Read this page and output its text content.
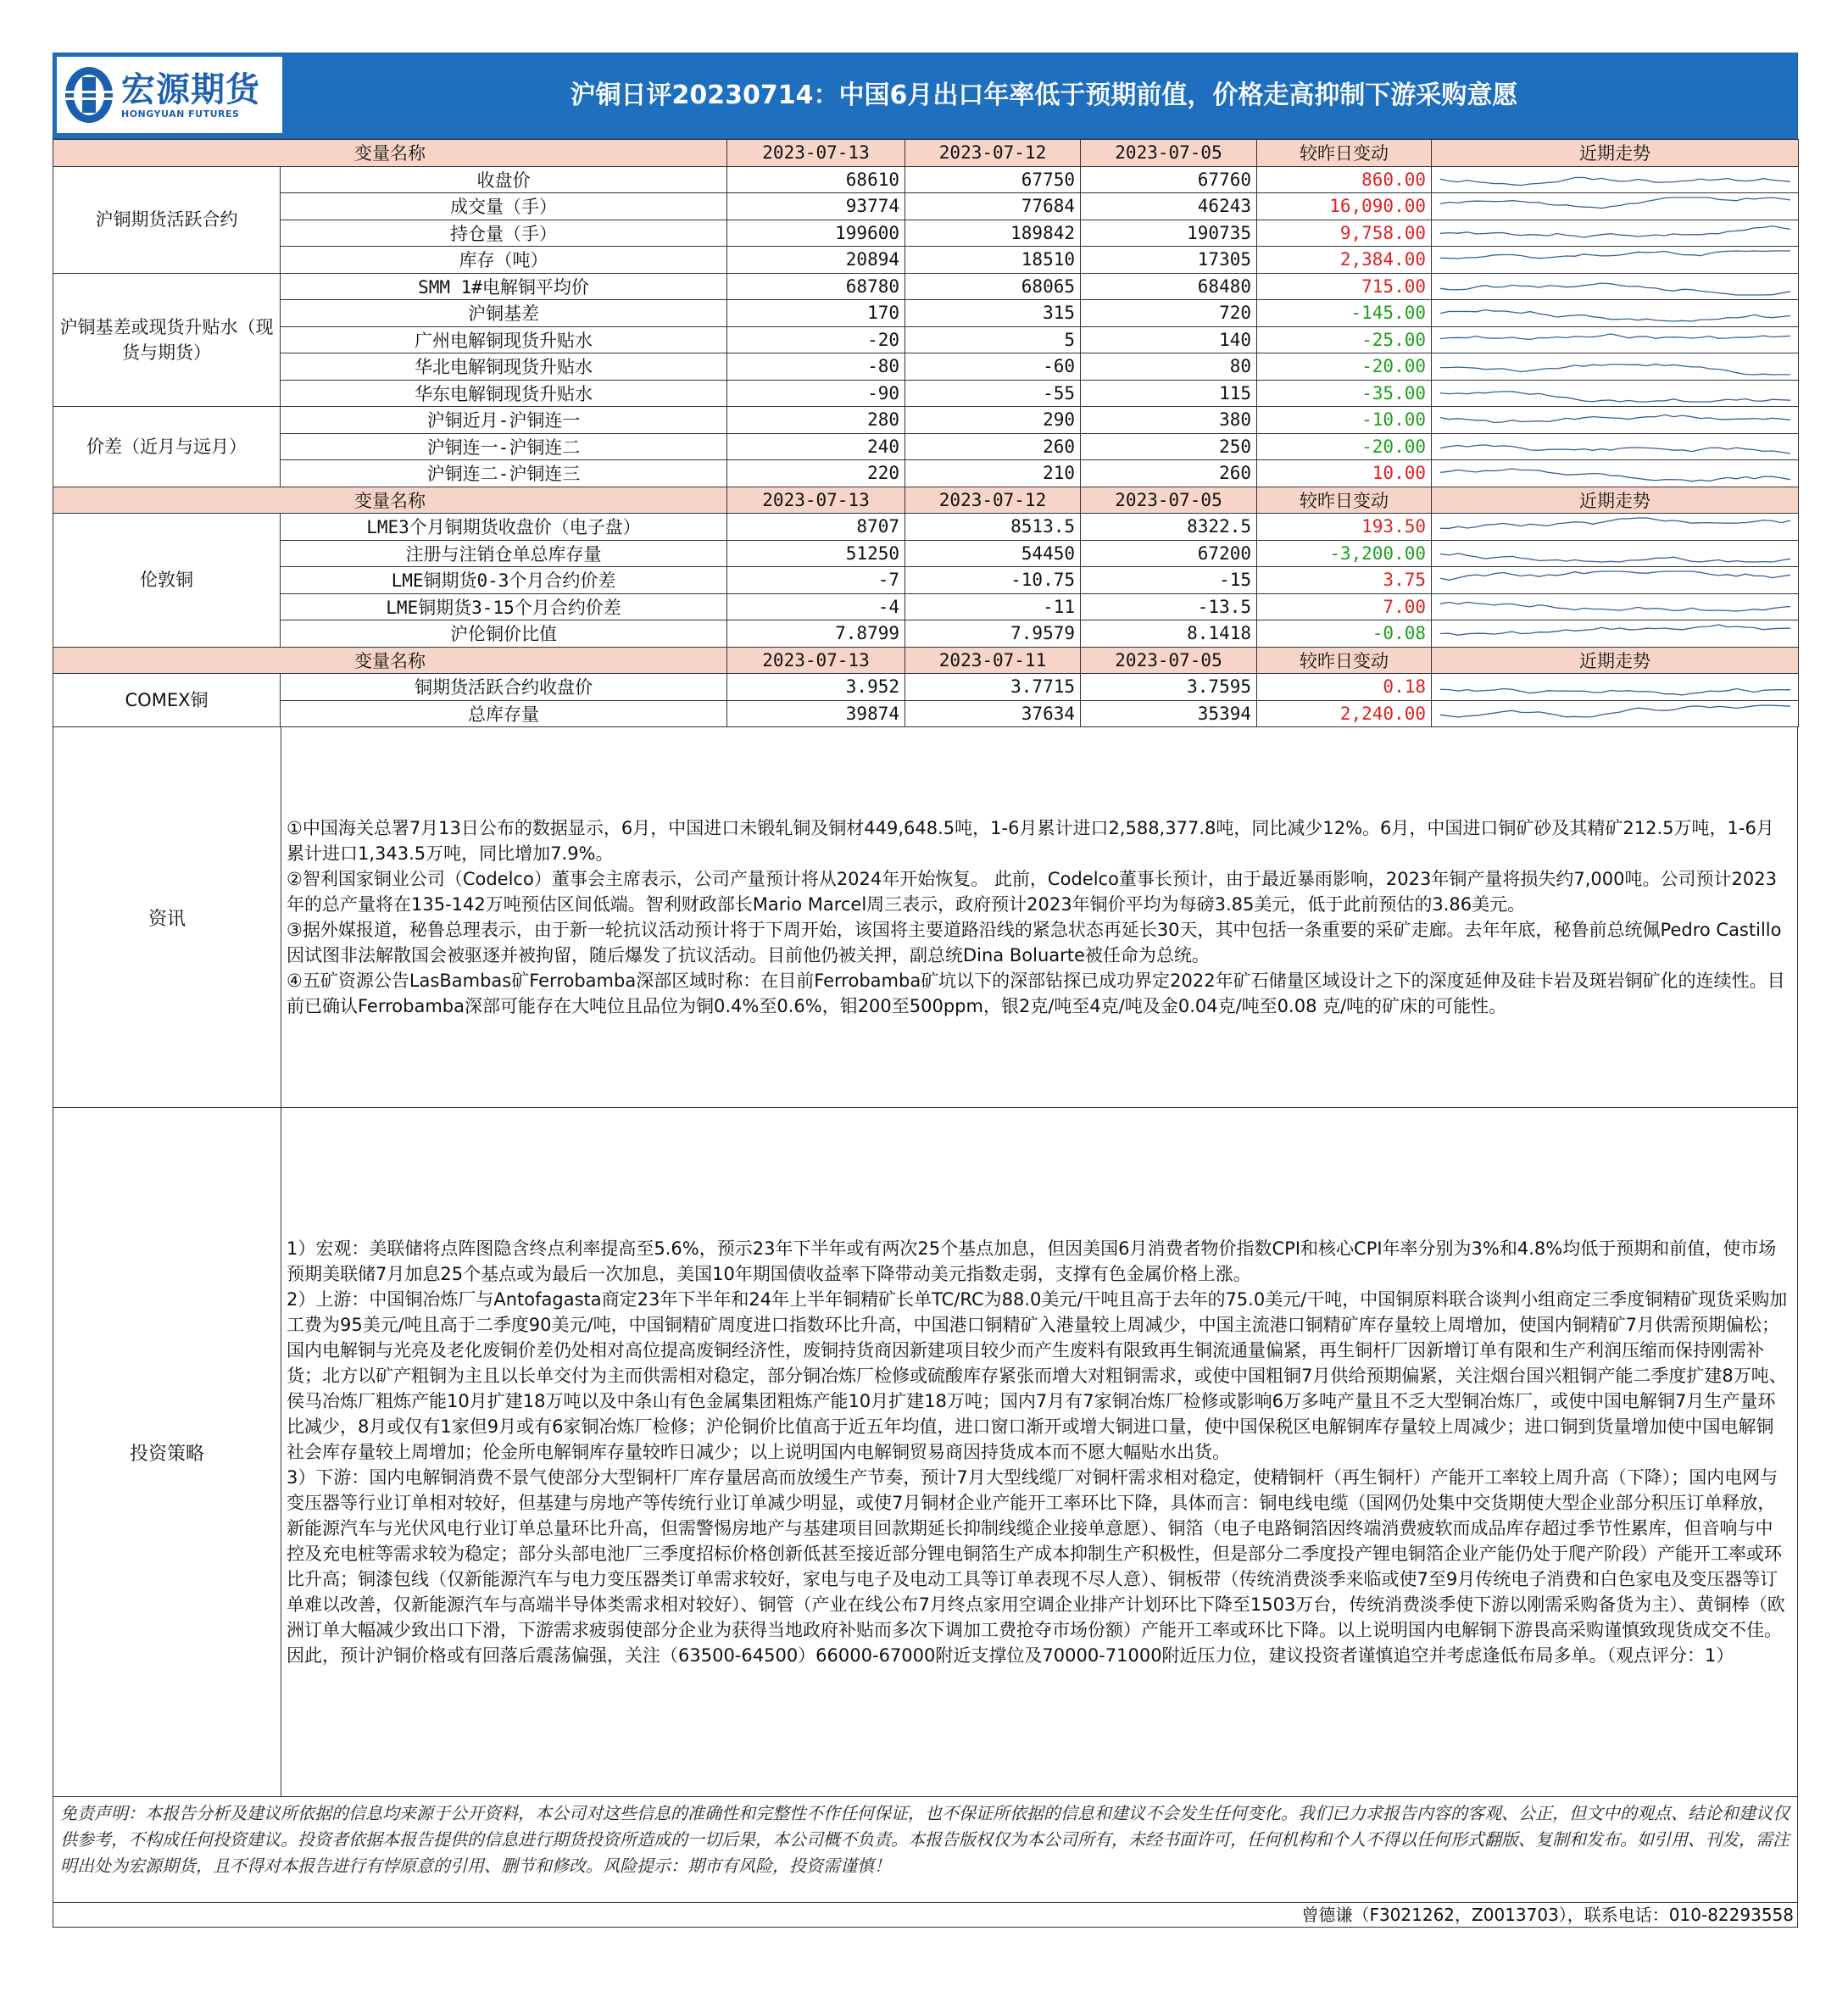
宏源期货
HONGYUAN FUTURES
沪铜日评20230714：中国6月出口年率低于预期前值，价格走高抑制下游采购意愿
变量名称		2023-07-13	2023-07-12	2023-07-05	较昨日变动	近期走势
沪铜期货活跃合约	收盘价	68610	67750	67760	860.00	

	成交量（手）	93774	77684	46243	16,090.00	

	持仓量（手）	199600	189842	190735	9,758.00	

	库存（吨）	20894	18510	17305	2,384.00	

沪铜基差或现货升贴水（现货与期货）	SMM 1#电解铜平均价	68780	68065	68480	715.00	

	沪铜基差	170	315	720	-145.00	

	广州电解铜现货升贴水	-20	5	140	-25.00	

	华北电解铜现货升贴水	-80	-60	80	-20.00	

	华东电解铜现货升贴水	-90	-55	115	-35.00	

价差（近月与远月）	沪铜近月-沪铜连一	280	290	380	-10.00	

	沪铜连一-沪铜连二	240	260	250	-20.00	

	沪铜连二-沪铜连三	220	210	260	10.00	

变量名称		2023-07-13	2023-07-12	2023-07-05	较昨日变动	近期走势
伦敦铜	LME3个月铜期货收盘价（电子盘）	8707	8513.5	8322.5	193.50	

	注册与注销仓单总库存量	51250	54450	67200	-3,200.00	

	LME铜期货0-3个月合约价差	-7	-10.75	-15	3.75	

	LME铜期货3-15个月合约价差	-4	-11	-13.5	7.00	

	沪伦铜价比值	7.8799	7.9579	8.1418	-0.08	

变量名称		2023-07-13	2023-07-11	2023-07-05	较昨日变动	近期走势
COMEX铜	铜期货活跃合约收盘价	3.952	3.7715	3.7595	0.18	

	总库存量	39874	37634	35394	2,240.00	
资讯

①中国海关总署7月13日公布的数据显示，6月，中国进口未锻轧铜及铜材449,648.5吨，1-6月累计进口2,588,377.8吨，同比减少12%。6月，中国进口铜矿砂及其精矿212.5万吨，1-6月累计进口1,343.5万吨，同比增加7.9%。

②智利国家铜业公司（Codelco）董事会主席表示，公司产量预计将从2024年开始恢复。 此前，Codelco董事长预计，由于最近暴雨影响，2023年铜产量将损失约7,000吨。公司预计2023年的总产量将在135-142万吨预估区间低端。智利财政部长Mario Marcel周三表示，政府预计2023年铜价平均为每磅3.85美元，低于此前预估的3.86美元。

③据外媒报道，秘鲁总理表示，由于新一轮抗议活动预计将于下周开始，该国将主要道路沿线的紧急状态再延长30天，其中包括一条重要的采矿走廊。去年年底，秘鲁前总统佩Pedro Castillo因试图非法解散国会被驱逐并被拘留，随后爆发了抗议活动。目前他仍被关押，副总统Dina Boluarte被任命为总统。

④五矿资源公告LasBambas矿Ferrobamba深部区域时称：在目前Ferrobamba矿坑以下的深部钻探已成功界定2022年矿石储量区域设计之下的深度延伸及硅卡岩及斑岩铜矿化的连续性。目前已确认Ferrobamba深部可能存在大吨位且品位为铜0.4%至0.6%，钼200至500ppm，银2克/吨至4克/吨及金0.04克/吨至0.08 克/吨的矿床的可能性。

投资策略

1）宏观：美联储将点阵图隐含终点利率提高至5.6%，预示23年下半年或有两次25个基点加息，但因美国6月消费者物价指数CPI和核心CPI年率分别为3%和4.8%均低于预期和前值，使市场预期美联储7月加息25个基点或为最后一次加息，美国10年期国债收益率下降带动美元指数走弱，支撑有色金属价格上涨。

2）上游：中国铜冶炼厂与Antofagasta商定23年下半年和24年上半年铜精矿长单TC/RC为88.0美元/干吨且高于去年的75.0美元/干吨，中国铜原料联合谈判小组商定三季度铜精矿现货采购加工费为95美元/吨且高于二季度90美元/吨，中国铜精矿周度进口指数环比升高，中国港口铜精矿入港量较上周减少，中国主流港口铜精矿库存量较上周增加，使国内铜精矿7月供需预期偏松；国内电解铜与光亮及老化废铜价差仍处相对高位提高废铜经济性，废铜持货商因新建项目较少而产生废料有限致再生铜流通量偏紧，再生铜杆厂因新增订单有限和生产利润压缩而保持刚需补货；北方以矿产粗铜为主且以长单交付为主而供需相对稳定，部分铜冶炼厂检修或硫酸库存紧张而增大对粗铜需求，或使中国粗铜7月供给预期偏紧，关注烟台国兴粗铜产能二季度扩建8万吨、侯马冶炼厂粗炼产能10月扩建18万吨以及中条山有色金属集团粗炼产能10月扩建18万吨；国内7月有7家铜冶炼厂检修或影响6万多吨产量且不乏大型铜冶炼厂，或使中国电解铜7月生产量环比减少，8月或仅有1家但9月或有6家铜冶炼厂检修；沪伦铜价比值高于近五年均值，进口窗口渐开或增大铜进口量，使中国保税区电解铜库存量较上周减少；进口铜到货量增加使中国电解铜社会库存量较上周增加；伦金所电解铜库存量较昨日减少；以上说明国内电解铜贸易商因持货成本而不愿大幅贴水出货。

3）下游：国内电解铜消费不景气使部分大型铜杆厂库存量居高而放缓生产节奏，预计7月大型线缆厂对铜杆需求相对稳定，使精铜杆（再生铜杆）产能开工率较上周升高（下降）；国内电网与变压器等行业订单相对较好，但基建与房地产等传统行业订单减少明显，或使7月铜材企业产能开工率环比下降，具体而言：铜电线电缆（国网仍处集中交货期使大型企业部分积压订单释放，新能源汽车与光伏风电行业订单总量环比升高，但需警惕房地产与基建项目回款期延长抑制线缆企业接单意愿）、铜箔（电子电路铜箔因终端消费疲软而成品库存超过季节性累库，但音响与中控及充电桩等需求较为稳定；部分头部电池厂三季度招标价格创新低甚至接近部分锂电铜箔生产成本抑制生产积极性，但是部分二季度投产锂电铜箔企业产能仍处于爬产阶段）产能开工率或环比升高；铜漆包线（仅新能源汽车与电力变压器类订单需求较好，家电与电子及电动工具等订单表现不尽人意）、铜板带（传统消费淡季来临或使7至9月传统电子消费和白色家电及变压器等订单难以改善，仅新能源汽车与高端半导体类需求相对较好）、铜管（产业在线公布7月终点家用空调企业排产计划环比下降至1503万台，传统消费淡季使下游以刚需采购备货为主）、黄铜棒（欧洲订单大幅减少致出口下滑，下游需求疲弱使部分企业为获得当地政府补贴而多次下调加工费抢夺市场份额）产能开工率或环比下降。以上说明国内电解铜下游畏高采购谨慎致现货成交不佳。

因此，预计沪铜价格或有回落后震荡偏强，关注（63500-64500）66000-67000附近支撑位及70000-71000附近压力位，建议投资者谨慎追空并考虑逢低布局多单。（观点评分：1）

免责声明：本报告分析及建议所依据的信息均来源于公开资料，本公司对这些信息的准确性和完整性不作任何保证，也不保证所依据的信息和建议不会发生任何变化。我们已力求报告内容的客观、公正，但文中的观点、结论和建议仅供参考，不构成任何投资建议。投资者依据本报告提供的信息进行期货投资所造成的一切后果，本公司概不负责。本报告版权仅为本公司所有，未经书面许可，任何机构和个人不得以任何形式翻版、复制和发布。如引用、刊发，需注明出处为宏源期货，且不得对本报告进行有悖原意的引用、删节和修改。风险提示：期市有风险，投资需谨慎！
曾德谦（F3021262，Z0013703），联系电话：010-82293558
